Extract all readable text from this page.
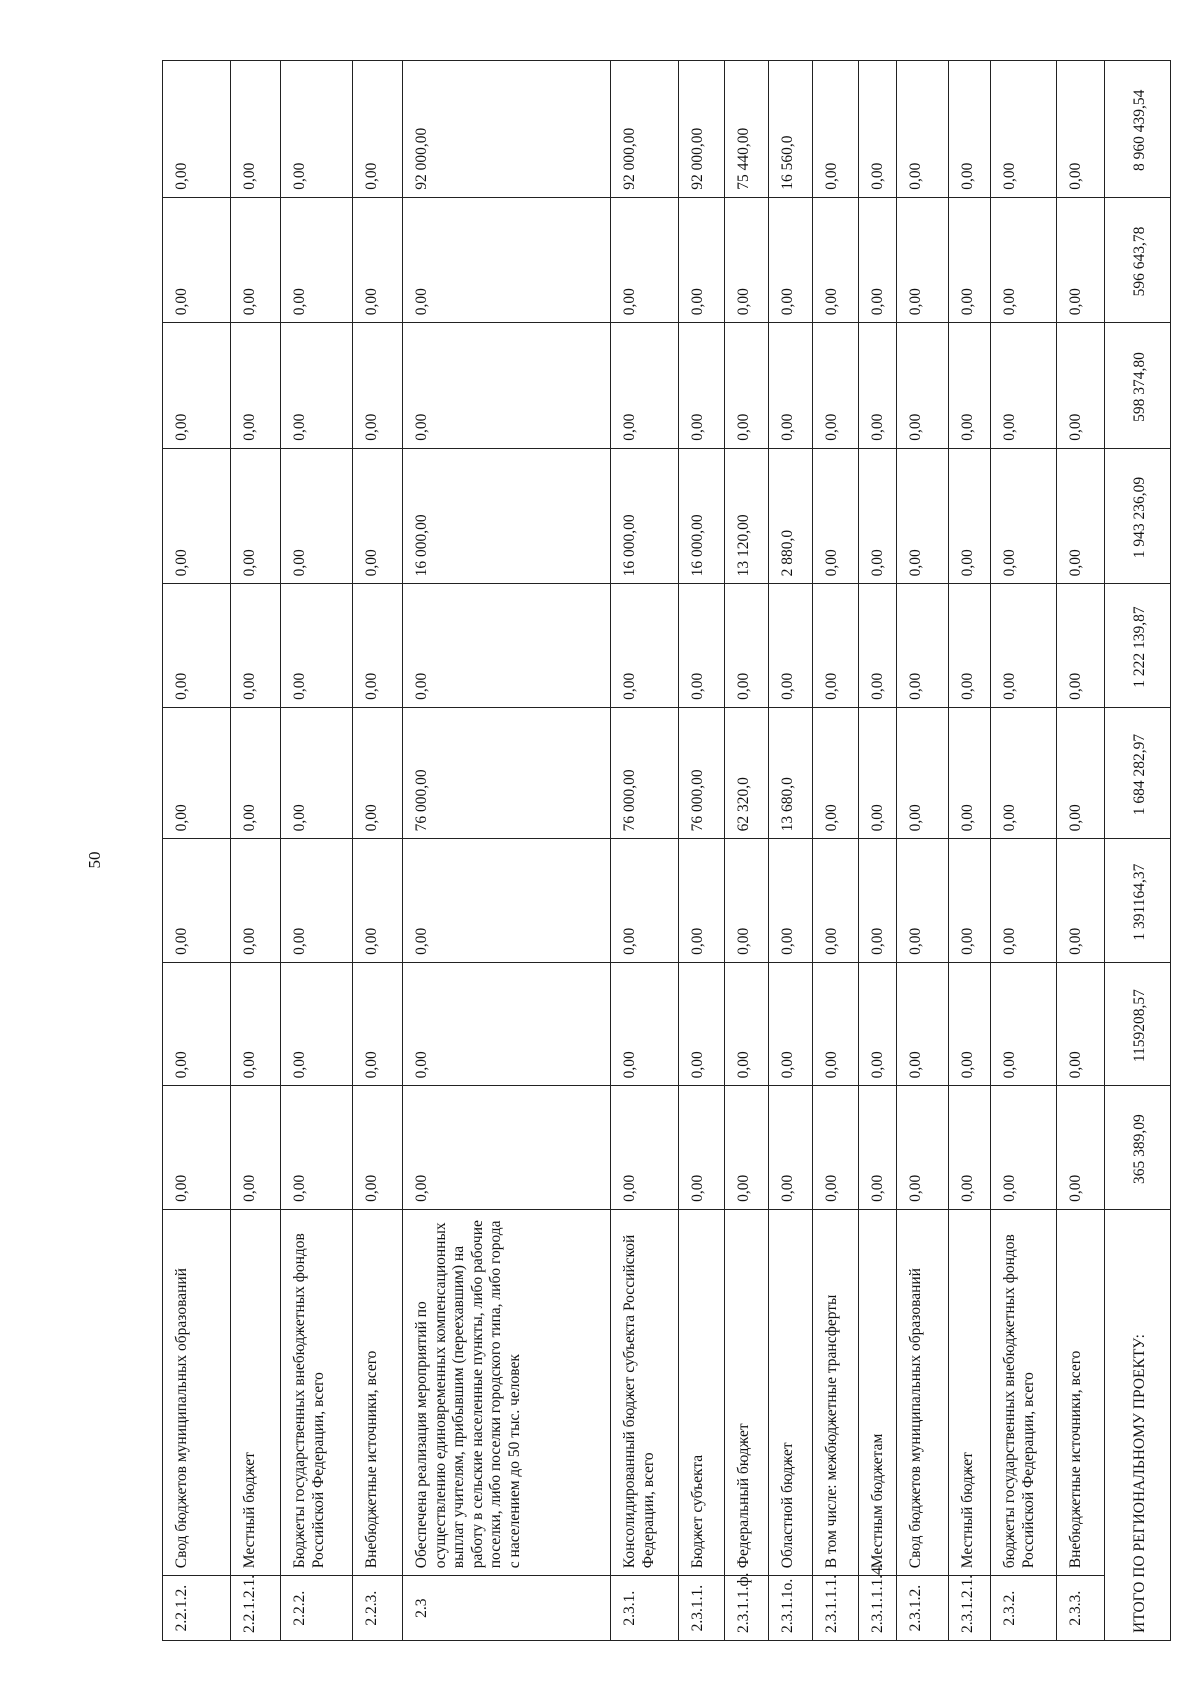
50
2.2.1.2.	Свод бюджетов муниципальных образований	0,00	0,00	0,00	0,00	0,00	0,00	0,00	0,00	0,00
2.2.1.2.1.	Местный бюджет	0,00	0,00	0,00	0,00	0,00	0,00	0,00	0,00	0,00
2.2.2.	Бюджеты государственных внебюджетных фондов Российской Федерации, всего	0,00	0,00	0,00	0,00	0,00	0,00	0,00	0,00	0,00
2.2.3.	Внебюджетные источники, всего	0,00	0,00	0,00	0,00	0,00	0,00	0,00	0,00	0,00
2.3	Обеспечена реализация мероприятий по осуществлению единовременных компенсационных выплат учителям, прибывшим (переехавшим) на работу в сельские населенные пункты, либо рабочие поселки, либо поселки городского типа, либо города с населением до 50 тыс. человек	0,00	0,00	0,00	76 000,00	0,00	16 000,00	0,00	0,00	92 000,00
2.3.1.	Консолидированный бюджет субъекта Российской Федерации, всего	0,00	0,00	0,00	76 000,00	0,00	16 000,00	0,00	0,00	92 000,00
2.3.1.1.	Бюджет субъекта	0,00	0,00	0,00	76 000,00	0,00	16 000,00	0,00	0,00	92 000,00
2.3.1.1.ф.	Федеральный бюджет	0,00	0,00	0,00	62 320,0	0,00	13 120,00	0,00	0,00	75 440,00
2.3.1.1о.	Областной бюджет	0,00	0,00	0,00	13 680,0	0,00	2 880,0	0,00	0,00	16 560,0
2.3.1.1.1.	В том числе: межбюджетные трансферты	0,00	0,00	0,00	0,00	0,00	0,00	0,00	0,00	0,00
2.3.1.1.1.4.	Местным бюджетам	0,00	0,00	0,00	0,00	0,00	0,00	0,00	0,00	0,00
2.3.1.2.	Свод бюджетов муниципальных образований	0,00	0,00	0,00	0,00	0,00	0,00	0,00	0,00	0,00
2.3.1.2.1.	Местный бюджет	0,00	0,00	0,00	0,00	0,00	0,00	0,00	0,00	0,00
2.3.2.	бюджеты государственных внебюджетных фондов Российской Федерации, всего	0,00	0,00	0,00	0,00	0,00	0,00	0,00	0,00	0,00
2.3.3.	Внебюджетные источники, всего	0,00	0,00	0,00	0,00	0,00	0,00	0,00	0,00	0,00
ИТОГО ПО РЕГИОНАЛЬНОМУ ПРОЕКТУ:		365 389,09	1159208,57	1 391164,37	1 684 282,97	1 222 139,87	1 943 236,09	598 374,80	596 643,78	8 960 439,54
